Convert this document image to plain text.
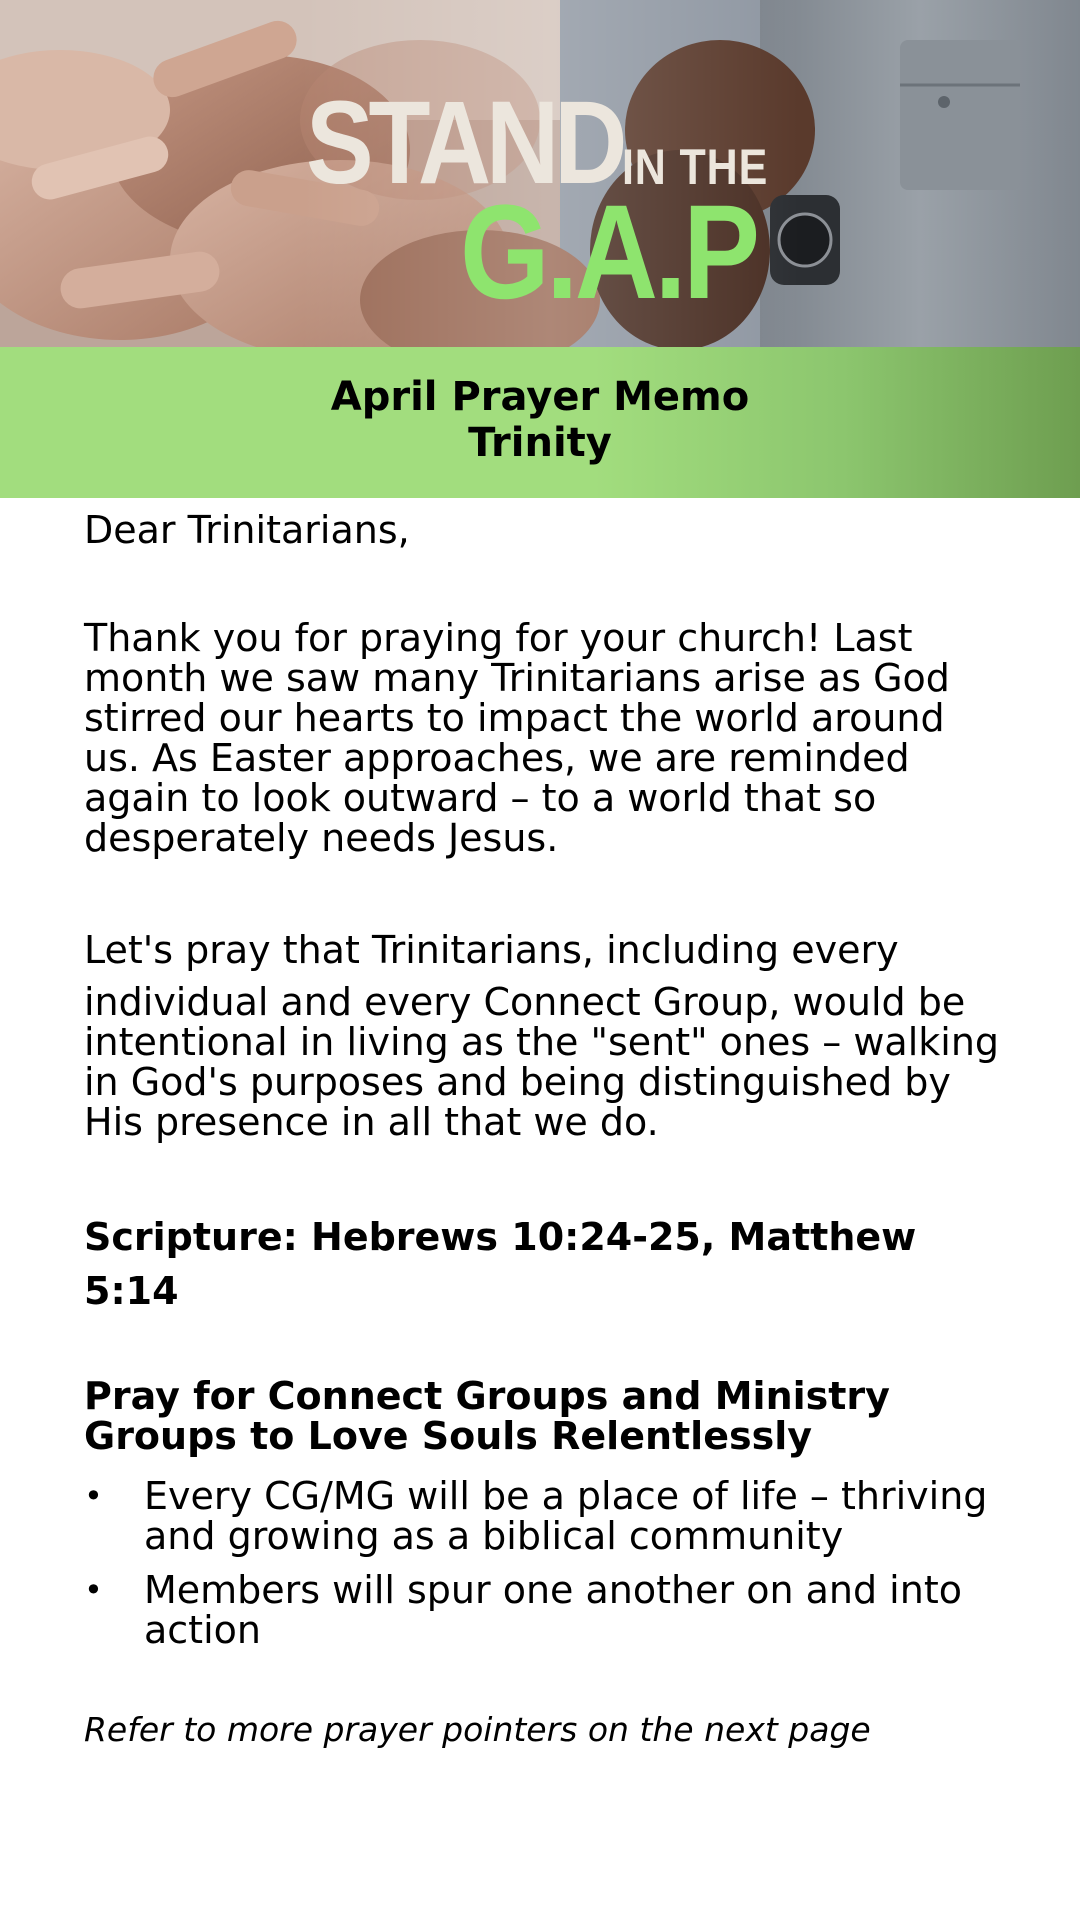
STAND IN THE
G.A.P
April Prayer Memo
Trinity

Dear Trinitarians,

Thank you for praying for your church! Last month we saw many Trinitarians arise as God stirred our hearts to impact the world around us. As Easter approaches, we are reminded again to look outward – to a world that so desperately needs Jesus.

Let's pray that Trinitarians, including every

individual and every Connect Group, would be intentional in living as the "sent" ones – walking in God's purposes and being distinguished by His presence in all that we do.

Scripture: Hebrews 10:24-25, Matthew 5:14

Pray for Connect Groups and Ministry Groups to Love Souls Relentlessly

• Every CG/MG will be a place of life – thriving and growing as a biblical community
• Members will spur one another on and into action

Refer to more prayer pointers on the next page
